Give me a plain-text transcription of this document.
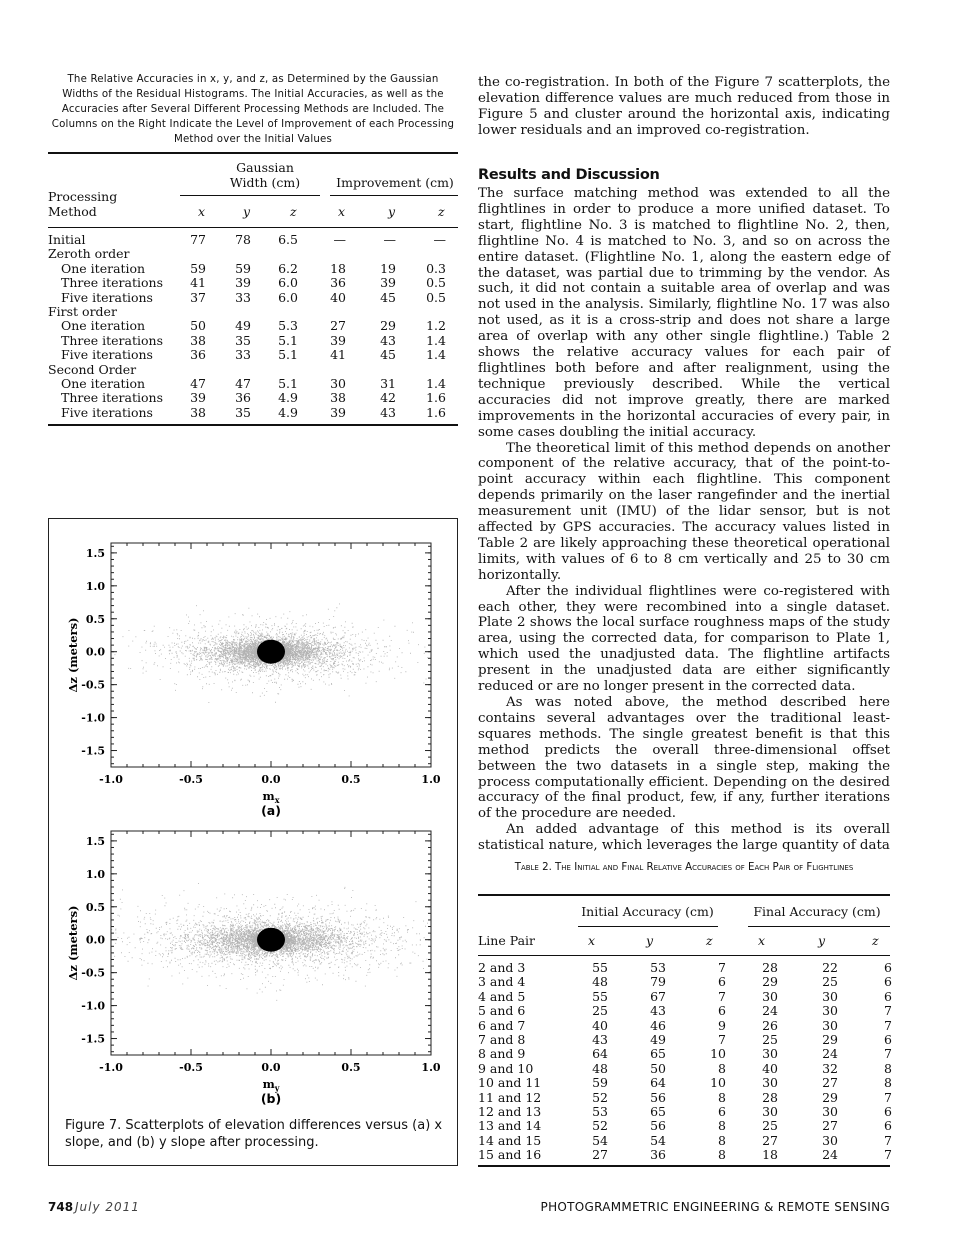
The Relative Accuracies in x, y, and z, as Determined by the Gaussian Widths of the Residual Histograms. The Initial Accuracies, as well as the Accuracies after Several Different Processing Methods are Included. The Columns on the Right Indicate the Level of Improvement of each Processing Method over the Initial Values
Gaussian
Width (cm)	Improvement (cm)
Processing
Method	x	y	z	x	y	z
Initial	77	78	6.5	—	—	—
Zeroth order
One iteration	59	59	6.2	18	19	0.3
Three iterations	41	39	6.0	36	39	0.5
Five iterations	37	33	6.0	40	45	0.5
First order
One iteration	50	49	5.3	27	29	1.2
Three iterations	38	35	5.1	39	43	1.4
Five iterations	36	33	5.1	41	45	1.4
Second Order
One iteration	47	47	5.1	30	31	1.4
Three iterations	39	36	4.9	38	42	1.6
Five iterations	38	35	4.9	39	43	1.6
-1.0	-0.5	0.0	0.5	1.0
1.5
1.0
0.5
0.0
-0.5
-1.0
-1.5
Δz (meters)
$m_x$
(a)
-1.0	-0.5	0.0	0.5	1.0
1.5
1.0
0.5
0.0
-0.5
-1.0
-1.5
Δz (meters)
$m_y$
(b)
Figure 7. Scatterplots of elevation differences versus (a) x slope, and (b) y slope after processing.

the co-registration. In both of the Figure 7 scatterplots, the elevation difference values are much reduced from those in Figure 5 and cluster around the horizontal axis, indicating lower residuals and an improved co-registration.

Results and Discussion

The surface matching method was extended to all the flightlines in order to produce a more unified dataset. To start, flightline No. 3 is matched to flightline No. 2, then, flightline No. 4 is matched to No. 3, and so on across the entire dataset. (Flightline No. 1, along the eastern edge of the dataset, was partial due to trimming by the vendor. As such, it did not contain a suitable area of overlap and was not used in the analysis. Similarly, flightline No. 17 was also not used, as it is a cross-strip and does not share a large area of overlap with any other single flightline.) Table 2 shows the relative accuracy values for each pair of flightlines both before and after realignment, using the technique previously described. While the vertical accuracies did not improve greatly, there are marked improvements in the horizontal accuracies of every pair, in some cases doubling the initial accuracy.

The theoretical limit of this method depends on another component of the relative accuracy, that of the point-to-point accuracy within each flightline. This component depends primarily on the laser rangefinder and the inertial measurement unit (IMU) of the lidar sensor, but is not affected by GPS accuracies. The accuracy values listed in Table 2 are likely approaching these theoretical operational limits, with values of 6 to 8 cm vertically and 25 to 30 cm horizontally.

After the individual flightlines were co-registered with each other, they were recombined into a single dataset. Plate 2 shows the local surface roughness maps of the study area, using the corrected data, for comparison to Plate 1, which used the unadjusted data. The flightline artifacts present in the unadjusted data are either significantly reduced or are no longer present in the corrected data.

As was noted above, the method described here contains several advantages over the traditional least-squares methods. The single greatest benefit is that this method predicts the overall three-dimensional offset between the two datasets in a single step, making the process computationally efficient. Depending on the desired accuracy of the final product, few, if any, further iterations of the procedure are needed.

An added advantage of this method is its overall statistical nature, which leverages the large quantity of data

Table 2. The Initial and Final Relative Accuracies of Each Pair of Flightlines
Initial Accuracy (cm)	Final Accuracy (cm)
Line Pair	x	y	z	x	y	z
2 and 3	55	53	7	28	22	6
3 and 4	48	79	6	29	25	6
4 and 5	55	67	7	30	30	6
5 and 6	25	43	6	24	30	7
6 and 7	40	46	9	26	30	7
7 and 8	43	49	7	25	29	6
8 and 9	64	65	10	30	24	7
9 and 10	48	50	8	40	32	8
10 and 11	59	64	10	30	27	8
11 and 12	52	56	8	28	29	7
12 and 13	53	65	6	30	30	6
13 and 14	52	56	8	25	27	6
14 and 15	54	54	8	27	30	7
15 and 16	27	36	8	18	24	7
748 July 2011	PHOTOGRAMMETRIC ENGINEERING & REMOTE SENSING
